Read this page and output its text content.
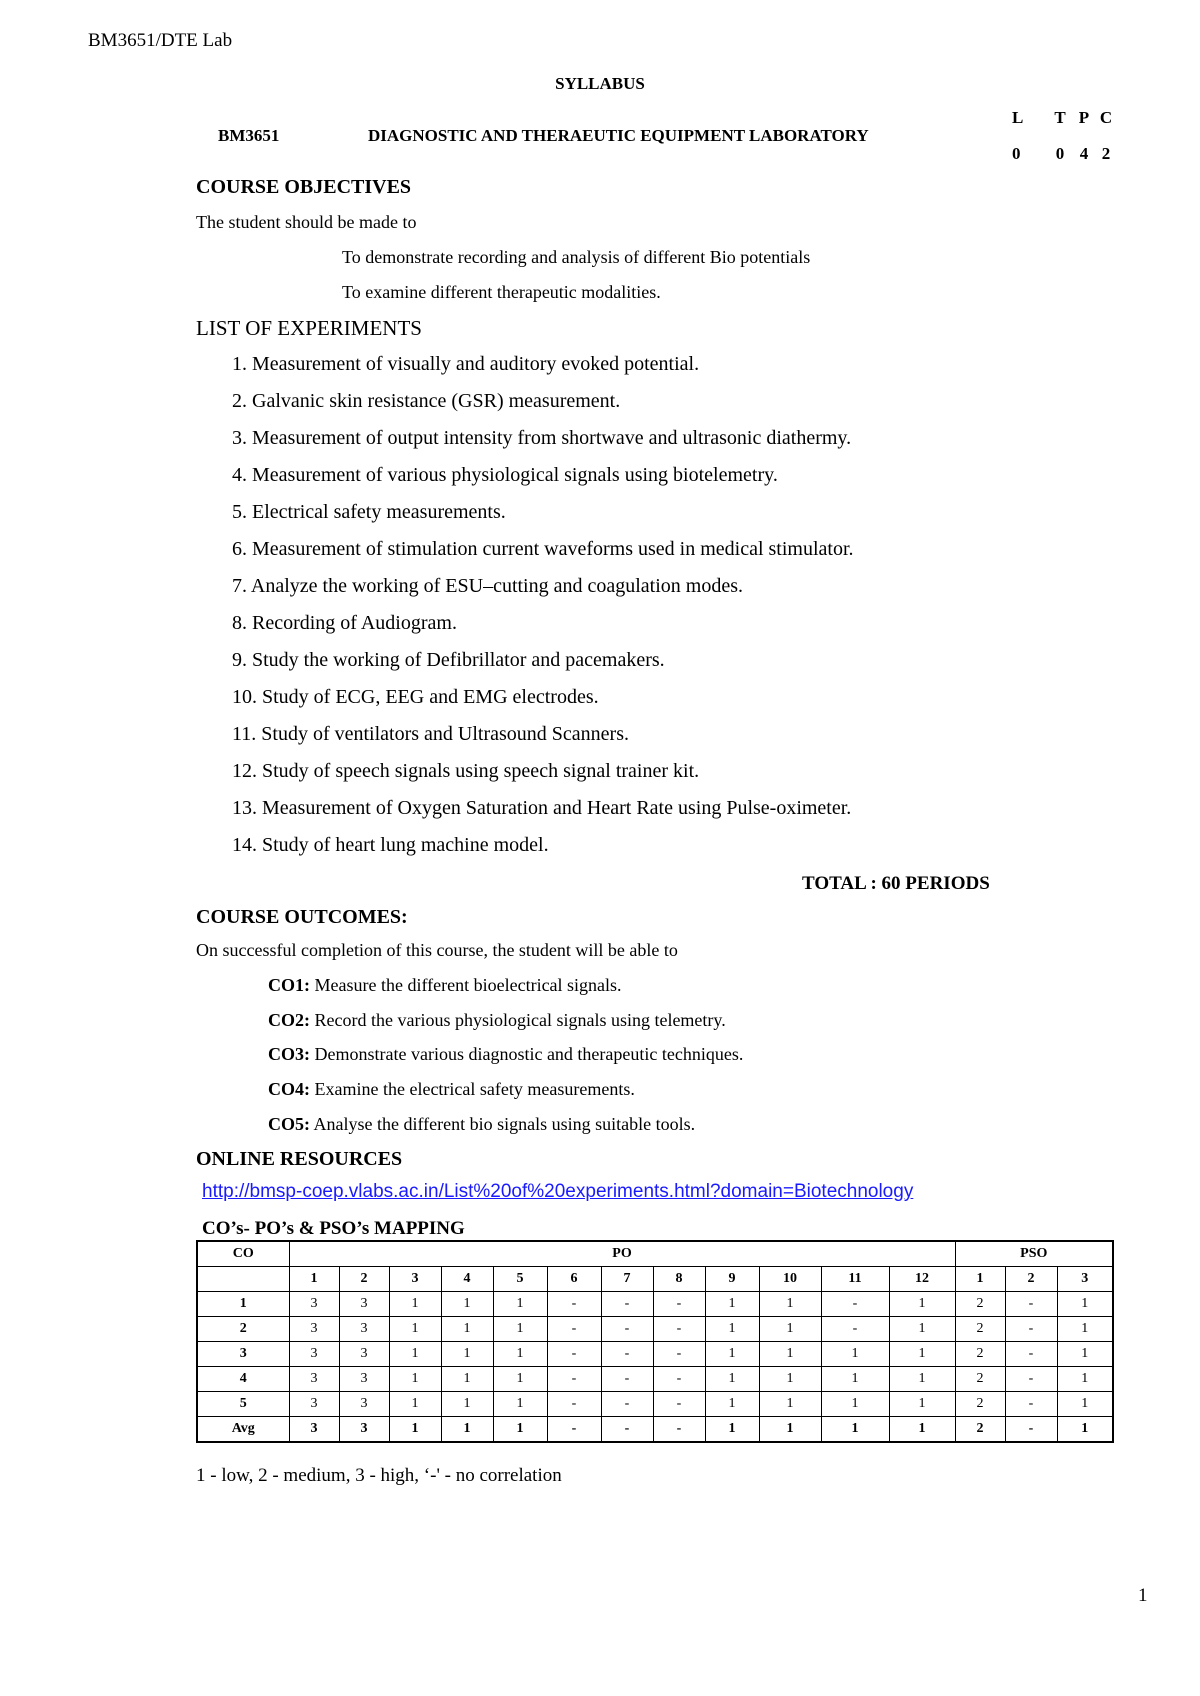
BM3651/DTE Lab
SYLLABUS
BM3651	DIAGNOSTIC AND THERAEUTIC EQUIPMENT LABORATORY
L	T P C
0	0 4 2
COURSE OBJECTIVES
The student should be made to
To demonstrate recording and analysis of different Bio potentials
To examine different therapeutic modalities.
LIST OF EXPERIMENTS
1. Measurement of visually and auditory evoked potential.
2. Galvanic skin resistance (GSR) measurement.
3. Measurement of output intensity from shortwave and ultrasonic diathermy.
4. Measurement of various physiological signals using biotelemetry.
5. Electrical safety measurements.
6. Measurement of stimulation current waveforms used in medical stimulator.
7. Analyze the working of ESU–cutting and coagulation modes.
8. Recording of Audiogram.
9. Study the working of Defibrillator and pacemakers.
10. Study of ECG, EEG and EMG electrodes.
11. Study of ventilators and Ultrasound Scanners.
12. Study of speech signals using speech signal trainer kit.
13. Measurement of Oxygen Saturation and Heart Rate using Pulse-oximeter.
14. Study of heart lung machine model.
TOTAL : 60 PERIODS
COURSE OUTCOMES:
On successful completion of this course, the student will be able to
CO1: Measure the different bioelectrical signals.
CO2: Record the various physiological signals using telemetry.
CO3: Demonstrate various diagnostic and therapeutic techniques.
CO4: Examine the electrical safety measurements.
CO5: Analyse the different bio signals using suitable tools.
ONLINE RESOURCES
http://bmsp-coep.vlabs.ac.in/List%20of%20experiments.html?domain=Biotechnology
CO’s- PO’s & PSO’s MAPPING
CO	PO												PSO		
	1	2	3	4	5	6	7	8	9	10	11	12	1	2	3
1	3	3	1	1	1	-	-	-	1	1	-	1	2	-	1
2	3	3	1	1	1	-	-	-	1	1	-	1	2	-	1
3	3	3	1	1	1	-	-	-	1	1	1	1	2	-	1
4	3	3	1	1	1	-	-	-	1	1	1	1	2	-	1
5	3	3	1	1	1	-	-	-	1	1	1	1	2	-	1
Avg	3	3	1	1	1	-	-	-	1	1	1	1	2	-	1
1 - low, 2 - medium, 3 - high, ‘-' - no correlation
1
